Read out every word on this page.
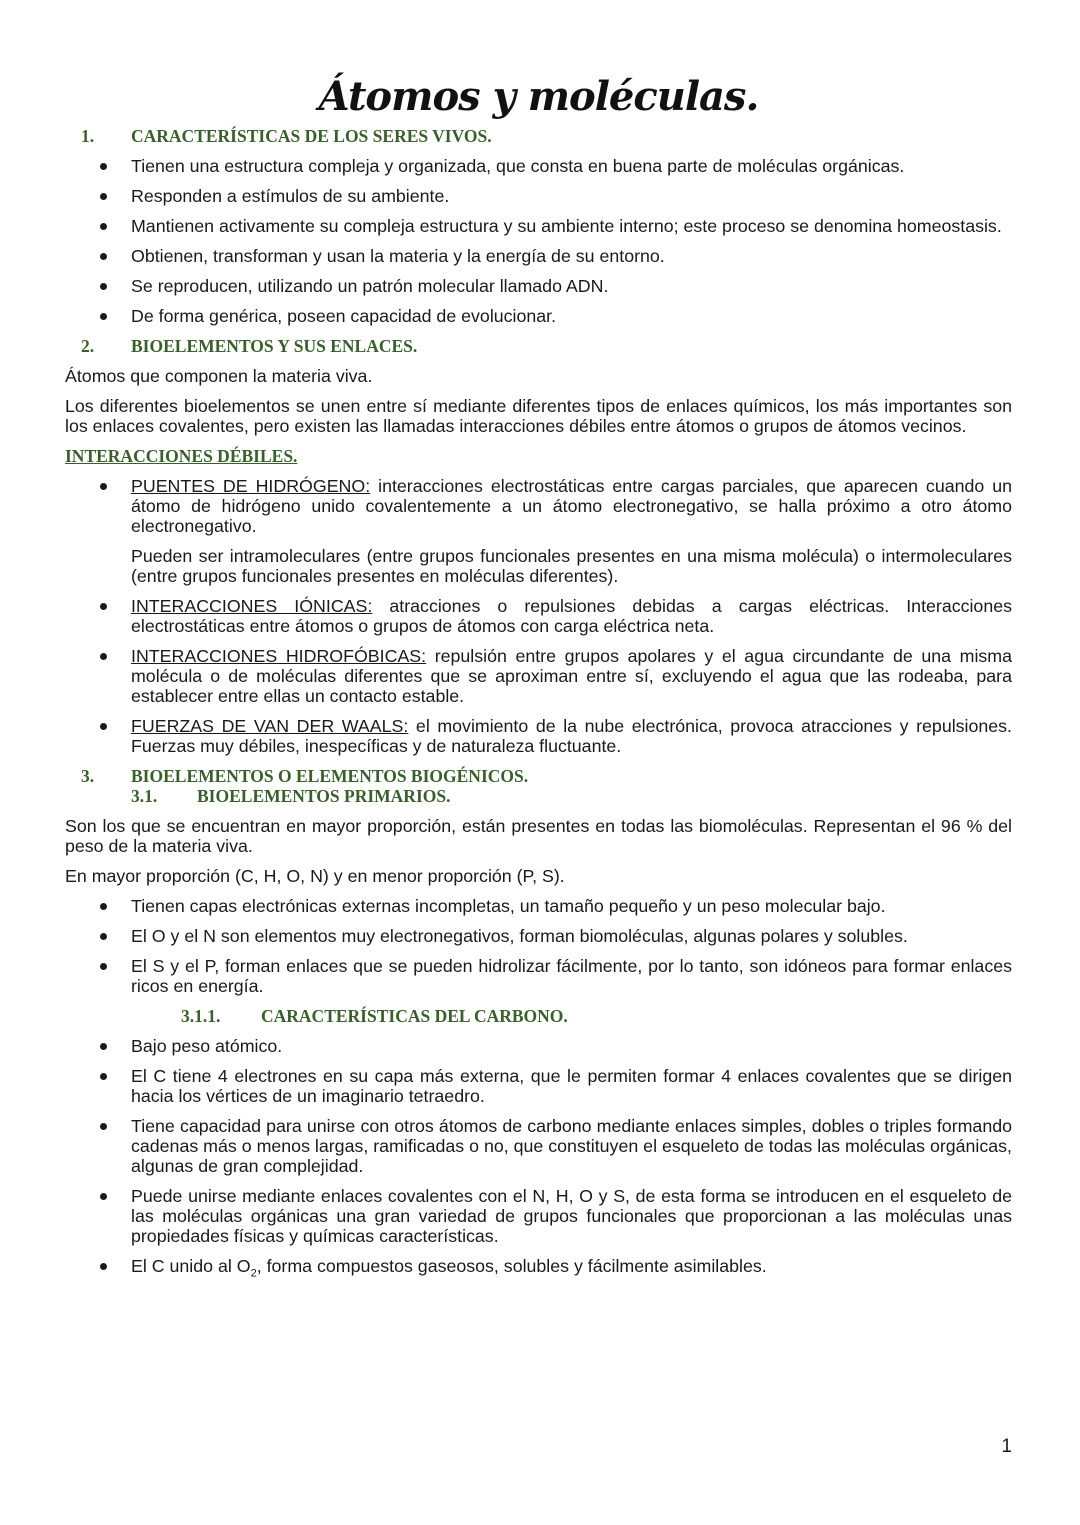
Átomos y moléculas.
1.	CARACTERÍSTICAS DE LOS SERES VIVOS.
Tienen una estructura compleja y organizada, que consta en buena parte de moléculas orgánicas.
Responden a estímulos de su ambiente.
Mantienen activamente su compleja estructura y su ambiente interno; este proceso se denomina homeostasis.
Obtienen, transforman y usan la materia y la energía de su entorno.
Se reproducen, utilizando un patrón molecular llamado ADN.
De forma genérica, poseen capacidad de evolucionar.
2.	BIOELEMENTOS Y SUS ENLACES.

Átomos que componen la materia viva.

Los diferentes bioelementos se unen entre sí mediante diferentes tipos de enlaces químicos, los más importantes son los enlaces covalentes, pero existen las llamadas interacciones débiles entre átomos o grupos de átomos vecinos.

INTERACCIONES DÉBILES.
PUENTES DE HIDRÓGENO: interacciones electrostáticas entre cargas parciales, que aparecen cuando un átomo de hidrógeno unido covalentemente a un átomo electronegativo, se halla próximo a otro átomo electronegativo.

Pueden ser intramoleculares (entre grupos funcionales presentes en una misma molécula) o intermoleculares (entre grupos funcionales presentes en moléculas diferentes).

INTERACCIONES IÓNICAS: atracciones o repulsiones debidas a cargas eléctricas. Interacciones electrostáticas entre átomos o grupos de átomos con carga eléctrica neta.
INTERACCIONES HIDROFÓBICAS: repulsión entre grupos apolares y el agua circundante de una misma molécula o de moléculas diferentes que se aproximan entre sí, excluyendo el agua que las rodeaba, para establecer entre ellas un contacto estable.
FUERZAS DE VAN DER WAALS: el movimiento de la nube electrónica, provoca atracciones y repulsiones. Fuerzas muy débiles, inespecíficas y de naturaleza fluctuante.
3.	BIOELEMENTOS O ELEMENTOS BIOGÉNICOS.
3.1.	BIOELEMENTOS PRIMARIOS.

Son los que se encuentran en mayor proporción, están presentes en todas las biomoléculas. Representan el 96 % del peso de la materia viva.

En mayor proporción (C, H, O, N) y en menor proporción (P, S).

Tienen capas electrónicas externas incompletas, un tamaño pequeño y un peso molecular bajo.
El O y el N son elementos muy electronegativos, forman biomoléculas, algunas polares y solubles.
El S y el P, forman enlaces que se pueden hidrolizar fácilmente, por lo tanto, son idóneos para formar enlaces ricos en energía.
3.1.1.	CARACTERÍSTICAS DEL CARBONO.
Bajo peso atómico.
El C tiene 4 electrones en su capa más externa, que le permiten formar 4 enlaces covalentes que se dirigen hacia los vértices de un imaginario tetraedro.
Tiene capacidad para unirse con otros átomos de carbono mediante enlaces simples, dobles o triples formando cadenas más o menos largas, ramificadas o no, que constituyen el esqueleto de todas las moléculas orgánicas, algunas de gran complejidad.
Puede unirse mediante enlaces covalentes con el N, H, O y S, de esta forma se introducen en el esqueleto de las moléculas orgánicas una gran variedad de grupos funcionales que proporcionan a las moléculas unas propiedades físicas y químicas características.
El C unido al $O_2$, forma compuestos gaseosos, solubles y fácilmente asimilables.
1
